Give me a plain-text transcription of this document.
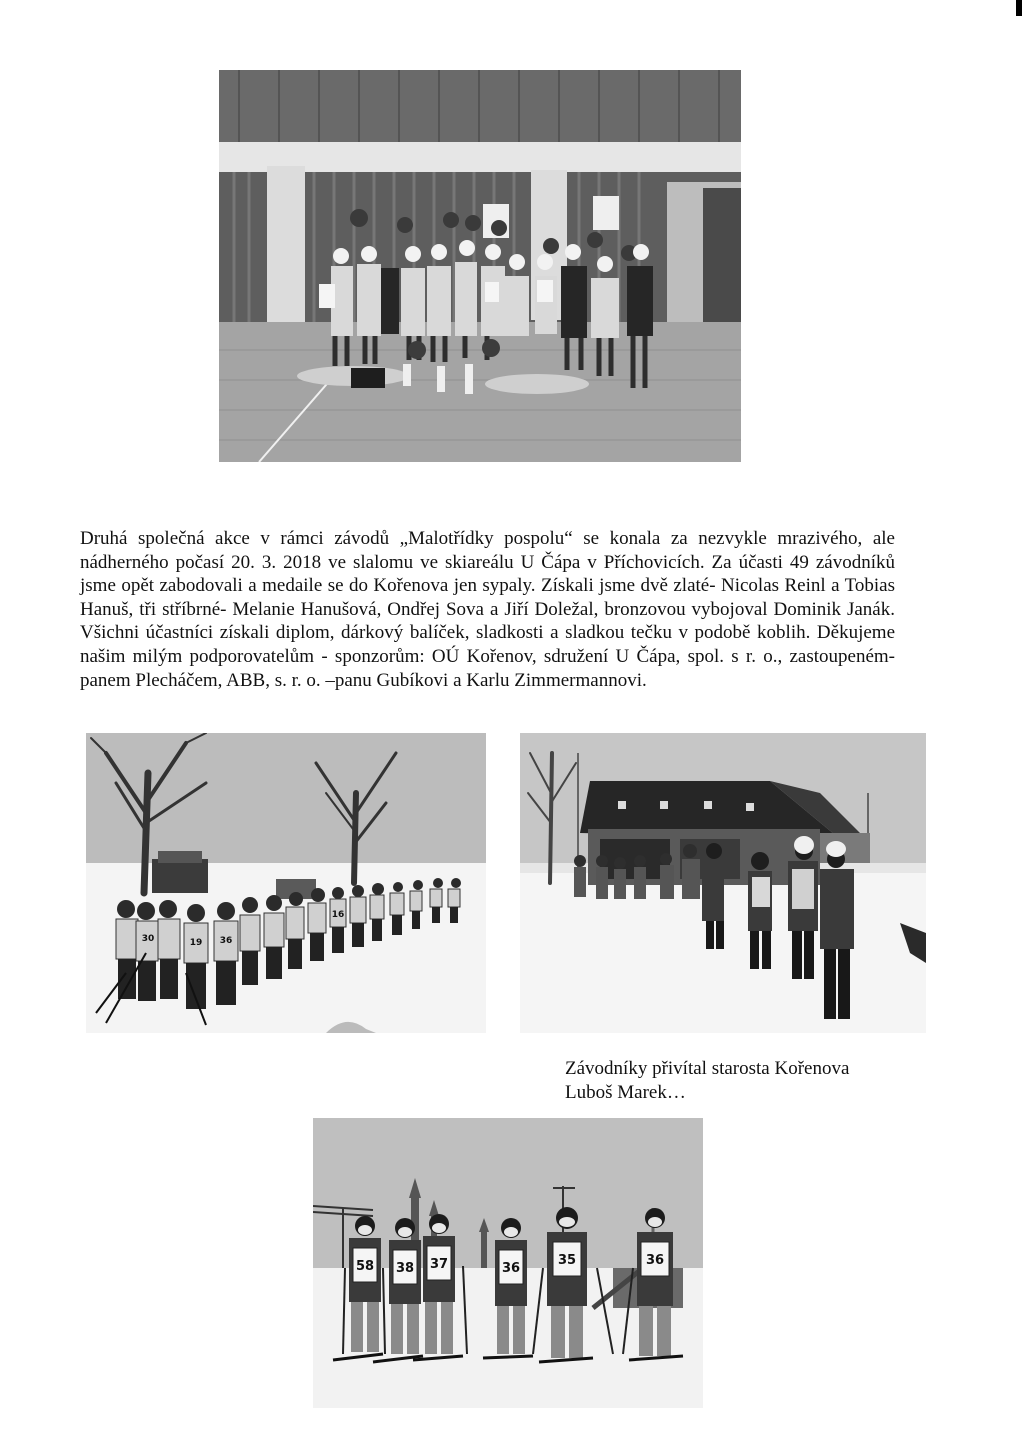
Druhá společná akce v rámci závodů „Malotřídky pospolu“ se konala za nezvykle mrazivého, ale nádherného počasí 20. 3. 2018 ve slalomu ve skiareálu U Čápa v Příchovicích. Za účasti 49 závodníků jsme opět zabodovali a medaile se do Kořenova jen sypaly. Získali jsme dvě zlaté- Nicolas Reinl a Tobias Hanuš, tři stříbrné- Melanie Hanušová, Ondřej Sova a Jiří Doležal, bronzovou vybojoval Dominik Janák. Všichni účastníci získali diplom, dárkový balíček, sladkosti a sladkou tečku v podobě koblih. Děkujeme našim milým podporovatelům - sponzorům: OÚ Kořenov, sdružení U Čápa, spol. s r. o., zastoupeném-panem Plecháčem, ABB, s. r. o. –panu Gubíkovi a Karlu Zimmermannovi.

19 36
30
16

Závodníky přivítal starosta Kořenova Luboš Marek…

58 38 37	36
35	36
